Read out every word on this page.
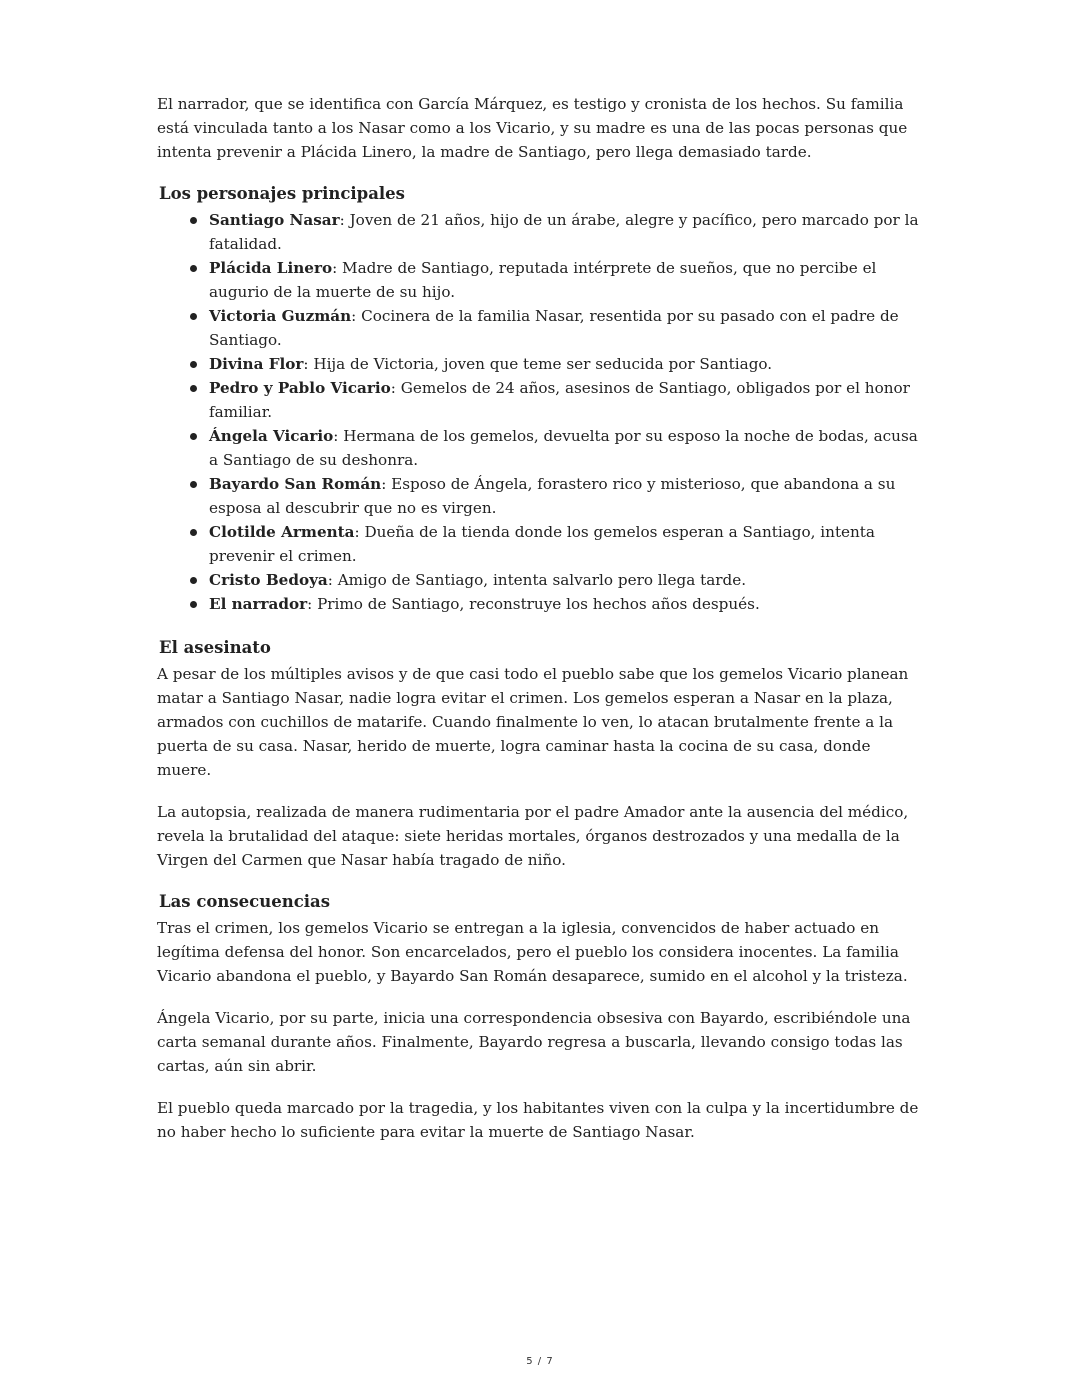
El narrador, que se identifica con García Márquez, es testigo y cronista de los hechos. Su familia está vinculada tanto a los Nasar como a los Vicario, y su madre es una de las pocas personas que intenta prevenir a Plácida Linero, la madre de Santiago, pero llega demasiado tarde.

Los personajes principales
Santiago Nasar: Joven de 21 años, hijo de un árabe, alegre y pacífico, pero marcado por la fatalidad.
Plácida Linero: Madre de Santiago, reputada intérprete de sueños, que no percibe el augurio de la muerte de su hijo.
Victoria Guzmán: Cocinera de la familia Nasar, resentida por su pasado con el padre de Santiago.
Divina Flor: Hija de Victoria, joven que teme ser seducida por Santiago.
Pedro y Pablo Vicario: Gemelos de 24 años, asesinos de Santiago, obligados por el honor familiar.
Ángela Vicario: Hermana de los gemelos, devuelta por su esposo la noche de bodas, acusa a Santiago de su deshonra.
Bayardo San Román: Esposo de Ángela, forastero rico y misterioso, que abandona a su esposa al descubrir que no es virgen.
Clotilde Armenta: Dueña de la tienda donde los gemelos esperan a Santiago, intenta prevenir el crimen.
Cristo Bedoya: Amigo de Santiago, intenta salvarlo pero llega tarde.
El narrador: Primo de Santiago, reconstruye los hechos años después.
El asesinato

A pesar de los múltiples avisos y de que casi todo el pueblo sabe que los gemelos Vicario planean matar a Santiago Nasar, nadie logra evitar el crimen. Los gemelos esperan a Nasar en la plaza, armados con cuchillos de matarife. Cuando finalmente lo ven, lo atacan brutalmente frente a la puerta de su casa. Nasar, herido de muerte, logra caminar hasta la cocina de su casa, donde muere.

La autopsia, realizada de manera rudimentaria por el padre Amador ante la ausencia del médico, revela la brutalidad del ataque: siete heridas mortales, órganos destrozados y una medalla de la Virgen del Carmen que Nasar había tragado de niño.

Las consecuencias

Tras el crimen, los gemelos Vicario se entregan a la iglesia, convencidos de haber actuado en legítima defensa del honor. Son encarcelados, pero el pueblo los considera inocentes. La familia Vicario abandona el pueblo, y Bayardo San Román desaparece, sumido en el alcohol y la tristeza.

Ángela Vicario, por su parte, inicia una correspondencia obsesiva con Bayardo, escribiéndole una carta semanal durante años. Finalmente, Bayardo regresa a buscarla, llevando consigo todas las cartas, aún sin abrir.

El pueblo queda marcado por la tragedia, y los habitantes viven con la culpa y la incertidumbre de no haber hecho lo suficiente para evitar la muerte de Santiago Nasar.

5 / 7
